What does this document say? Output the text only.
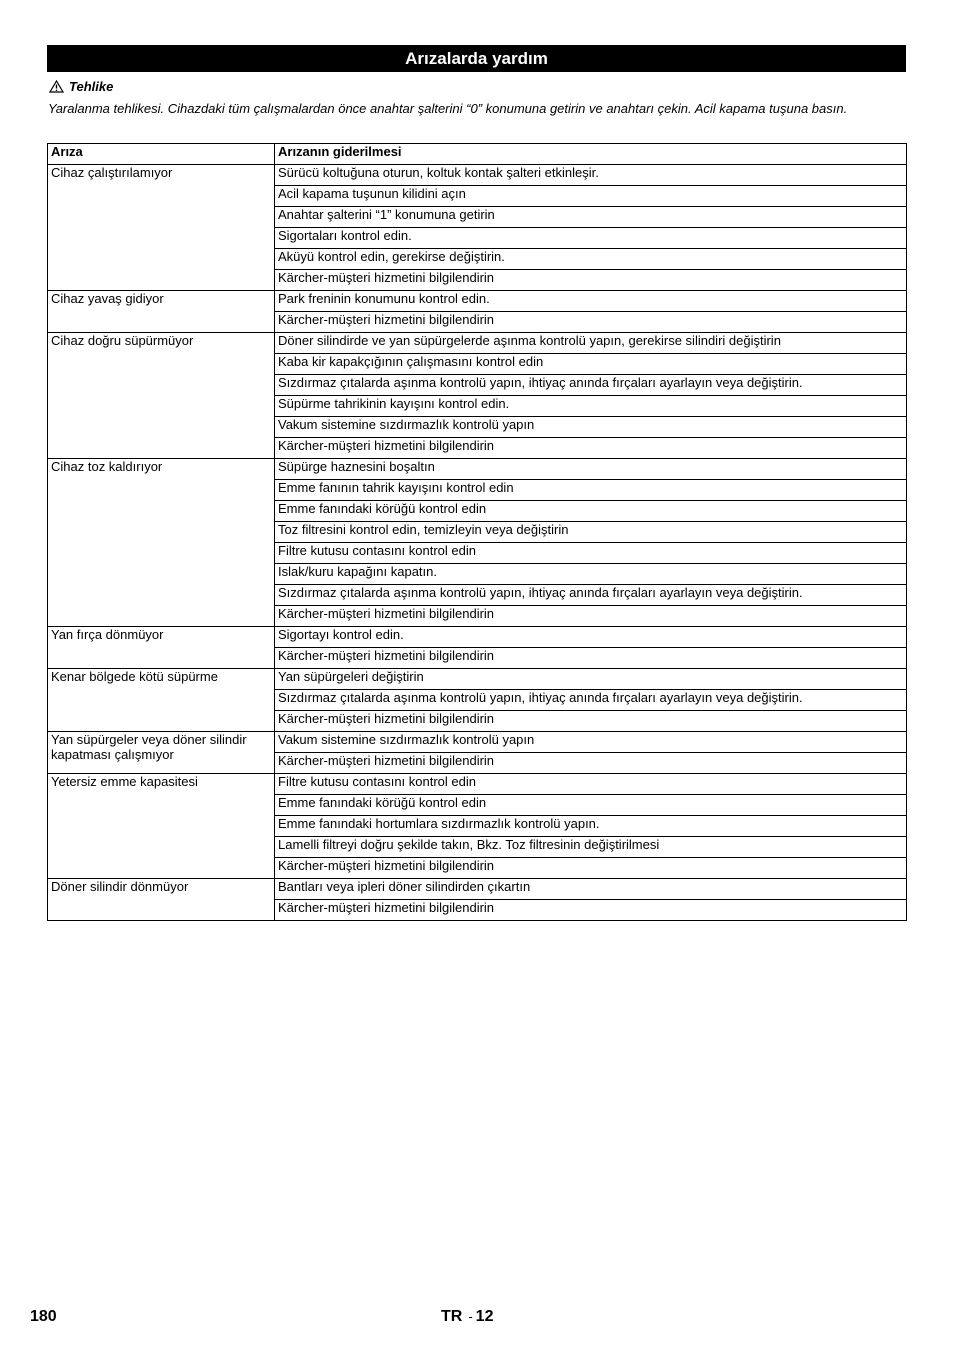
Arızalarda yardım
Tehlike
Yaralanma tehlikesi. Cihazdaki tüm çalışmalardan önce anahtar şalterini “0” konumuna getirin ve anahtarı çekin. Acil kapama tuşuna basın.
Arıza	Arızanın giderilmesi
Cihaz çalıştırılamıyor	Sürücü koltuğuna oturun, koltuk kontak şalteri etkinleşir.
	Acil kapama tuşunun kilidini açın
	Anahtar şalterini “1” konumuna getirin
	Sigortaları kontrol edin.
	Aküyü kontrol edin, gerekirse değiştirin.
	Kärcher-müşteri hizmetini bilgilendirin
Cihaz yavaş gidiyor	Park freninin konumunu kontrol edin.
	Kärcher-müşteri hizmetini bilgilendirin
Cihaz doğru süpürmüyor	Döner silindirde ve yan süpürgelerde aşınma kontrolü yapın, gerekirse silindiri değiştirin
	Kaba kir kapakçığının çalışmasını kontrol edin
	Sızdırmaz çıtalarda aşınma kontrolü yapın, ihtiyaç anında fırçaları ayarlayın veya değiştirin.
	Süpürme tahrikinin kayışını kontrol edin.
	Vakum sistemine sızdırmazlık kontrolü yapın
	Kärcher-müşteri hizmetini bilgilendirin
Cihaz toz kaldırıyor	Süpürge haznesini boşaltın
	Emme fanının tahrik kayışını kontrol edin
	Emme fanındaki körüğü kontrol edin
	Toz filtresini kontrol edin, temizleyin veya değiştirin
	Filtre kutusu contasını kontrol edin
	Islak/kuru kapağını kapatın.
	Sızdırmaz çıtalarda aşınma kontrolü yapın, ihtiyaç anında fırçaları ayarlayın veya değiştirin.
	Kärcher-müşteri hizmetini bilgilendirin
Yan fırça dönmüyor	Sigortayı kontrol edin.
	Kärcher-müşteri hizmetini bilgilendirin
Kenar bölgede kötü süpürme	Yan süpürgeleri değiştirin
	Sızdırmaz çıtalarda aşınma kontrolü yapın, ihtiyaç anında fırçaları ayarlayın veya değiştirin.
	Kärcher-müşteri hizmetini bilgilendirin
Yan süpürgeler veya döner silindir kapatması çalışmıyor	Vakum sistemine sızdırmazlık kontrolü yapın
	Kärcher-müşteri hizmetini bilgilendirin
Yetersiz emme kapasitesi	Filtre kutusu contasını kontrol edin
	Emme fanındaki körüğü kontrol edin
	Emme fanındaki hortumlara sızdırmazlık kontrolü yapın.
	Lamelli filtreyi doğru şekilde takın, Bkz. Toz filtresinin değiştirilmesi
	Kärcher-müşteri hizmetini bilgilendirin
Döner silindir dönmüyor	Bantları veya ipleri döner silindirden çıkartın
	Kärcher-müşteri hizmetini bilgilendirin
180	TR - 12
